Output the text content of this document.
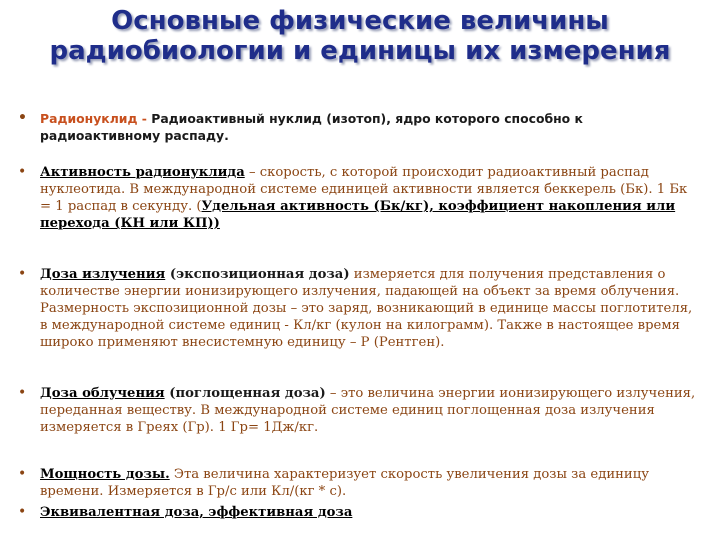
Основные физические величины радиобиологии и единицы их измерения
• Радионуклид - Радиоактивный нуклид (изотоп), ядро которого способно к радиоактивному распаду.
• Активность радионуклида – скорость, с которой происходит радиоактивный распад нуклеотида. В международной системе единицей активности является беккерель (Бк). 1 Бк = 1 распад в секунду. (Удельная активность (Бк/кг), коэффициент накопления или перехода (КН или КП))
• Доза излучения (экспозиционная доза) измеряется для получения представления о количестве энергии ионизирующего излучения, падающей на объект за время облучения. Размерность экспозиционной дозы – это заряд, возникающий в единице массы поглотителя, в международной системе единиц - Кл/кг (кулон на килограмм). Также в настоящее время широко применяют внесистемную единицу – Р (Рентген).
• Доза облучения (поглощенная доза) – это величина энергии ионизирующего излучения, переданная веществу. В международной системе единиц поглощенная доза излучения измеряется в Греях (Гр). 1 Гр= 1Дж/кг.
• Мощность дозы. Эта величина характеризует скорость увеличения дозы за единицу времени. Измеряется в Гр/с или Кл/(кг * с).
• Эквивалентная доза, эффективная доза
